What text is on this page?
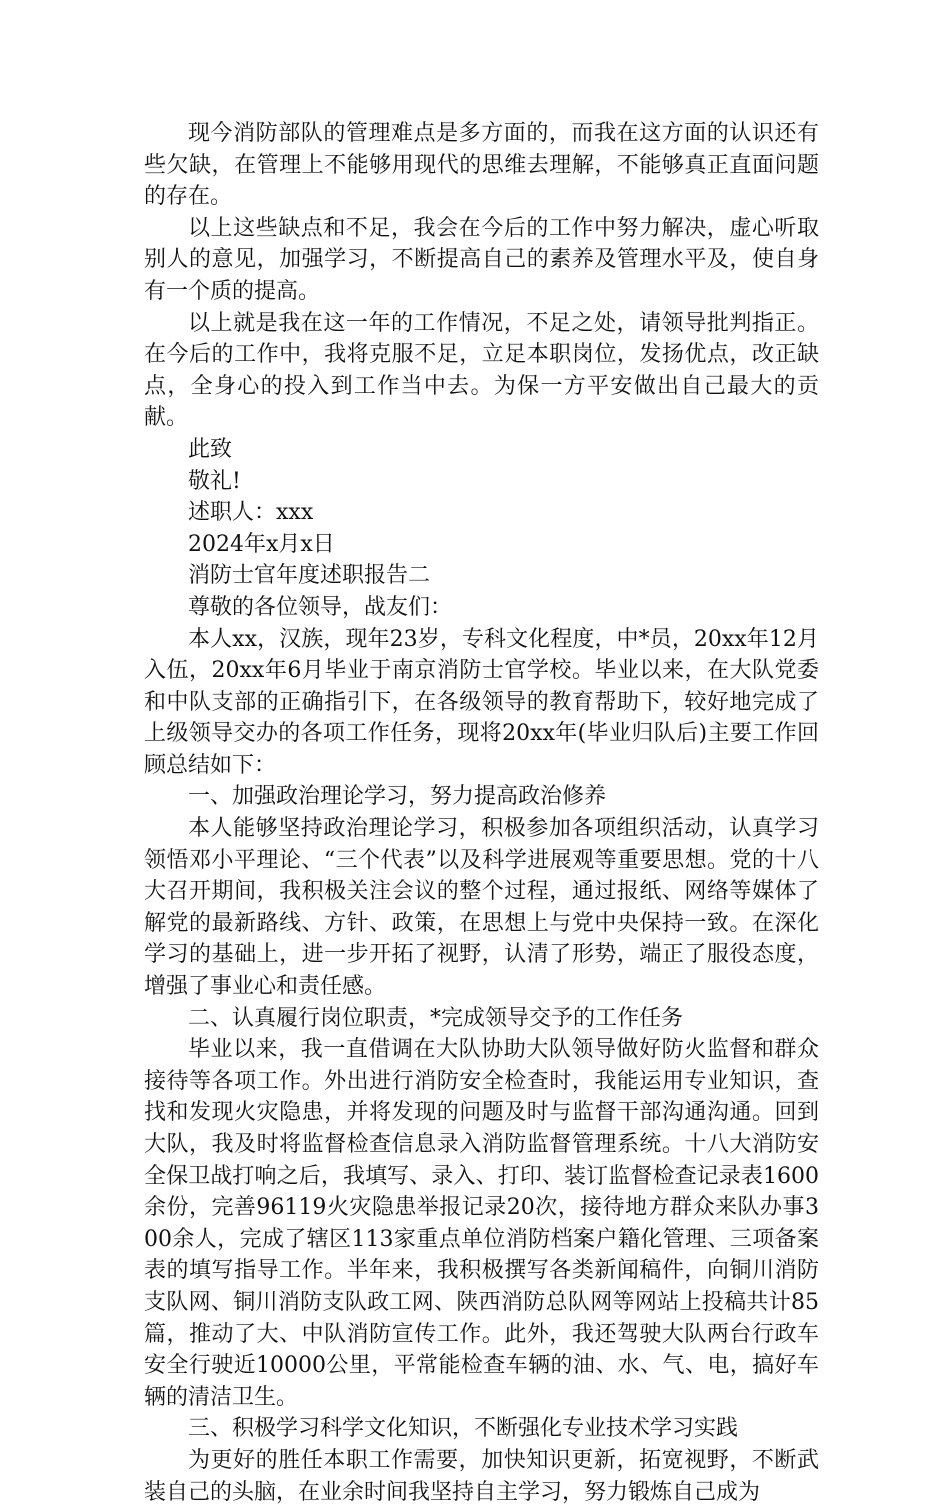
现今消防部队的管理难点是多方面的，而我在这方面的认识还有些欠缺，在管理上不能够用现代的思维去理解，不能够真正直面问题的存在。

以上这些缺点和不足，我会在今后的工作中努力解决，虚心听取别人的意见，加强学习，不断提高自己的素养及管理水平及，使自身有一个质的提高。

以上就是我在这一年的工作情况，不足之处，请领导批判指正。在今后的工作中，我将克服不足，立足本职岗位，发扬优点，改正缺点，全身心的投入到工作当中去。为保一方平安做出自己最大的贡献。

此致

敬礼!

述职人：xxx

2024年x月x日

消防士官年度述职报告二

尊敬的各位领导，战友们：

本人xx，汉族，现年23岁，专科文化程度，中*员，20xx年12月入伍，20xx年6月毕业于南京消防士官学校。毕业以来，在大队党委和中队支部的正确指引下，在各级领导的教育帮助下，较好地完成了上级领导交办的各项工作任务，现将20xx年(毕业归队后)主要工作回顾总结如下：

一、加强政治理论学习，努力提高政治修养

本人能够坚持政治理论学习，积极参加各项组织活动，认真学习领悟邓小平理论、“三个代表”以及科学进展观等重要思想。党的十八大召开期间，我积极关注会议的整个过程，通过报纸、网络等媒体了解党的最新路线、方针、政策，在思想上与党中央保持一致。在深化学习的基础上，进一步开拓了视野，认清了形势，端正了服役态度，增强了事业心和责任感。

二、认真履行岗位职责，*完成领导交予的工作任务

毕业以来，我一直借调在大队协助大队领导做好防火监督和群众接待等各项工作。外出进行消防安全检查时，我能运用专业知识，查找和发现火灾隐患，并将发现的问题及时与监督干部沟通沟通。回到大队，我及时将监督检查信息录入消防监督管理系统。十八大消防安全保卫战打响之后，我填写、录入、打印、装订监督检查记录表1600余份，完善96119火灾隐患举报记录20次，接待地方群众来队办事300余人，完成了辖区113家重点单位消防档案户籍化管理、三项备案表的填写指导工作。半年来，我积极撰写各类新闻稿件，向铜川消防支队网、铜川消防支队政工网、陕西消防总队网等网站上投稿共计85篇，推动了大、中队消防宣传工作。此外，我还驾驶大队两台行政车安全行驶近10000公里，平常能检查车辆的油、水、气、电，搞好车辆的清洁卫生。

三、积极学习科学文化知识，不断强化专业技术学习实践

为更好的胜任本职工作需要，加快知识更新，拓宽视野，不断武装自己的头脑，在业余时间我坚持自主学习，努力锻炼自己成为
